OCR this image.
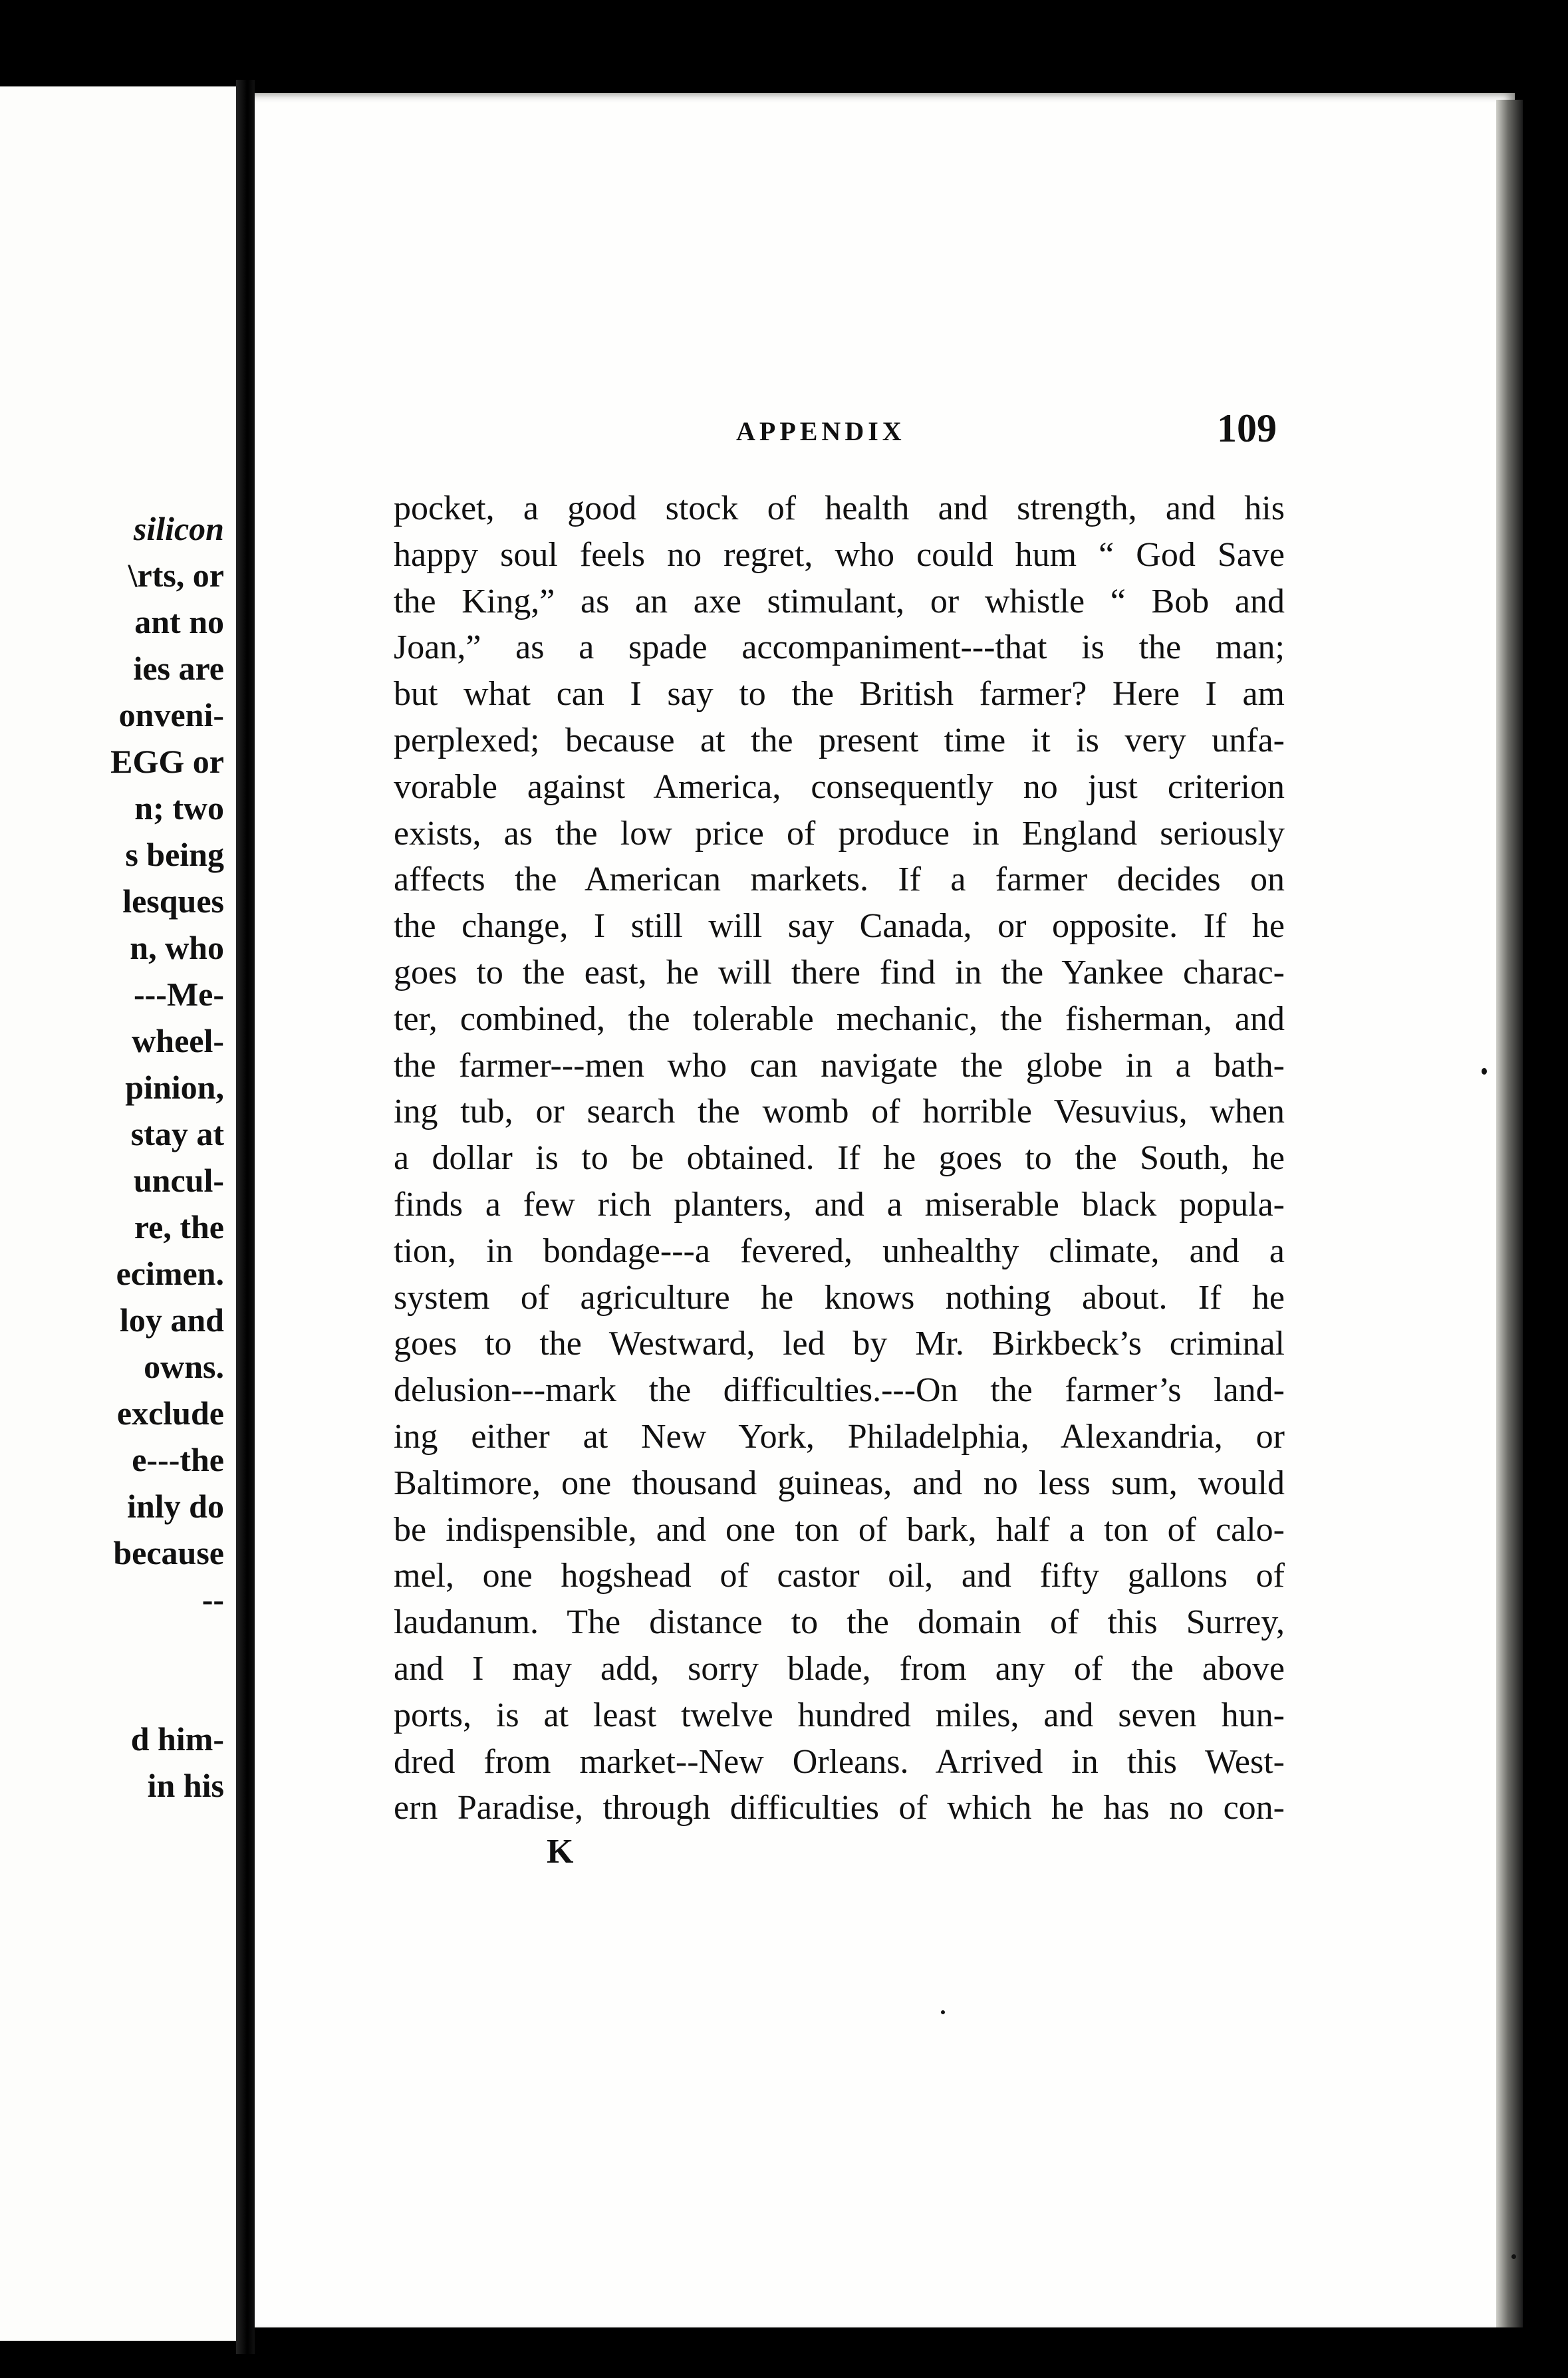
silicon
\rts, or
ant no
ies are
onveni-
EGG or
n; two
s being
lesques
n, who
---Me-
wheel-
pinion,
stay at
uncul-
re, the
ecimen.
loy and
owns.
exclude
e---the
inly do
because
--
d him-
in his
APPENDIX	109
pocket, a good stock of health and strength, and his
happy soul feels no regret, who could hum “ God Save
the King,” as an axe stimulant, or whistle “ Bob and
Joan,” as a spade accompaniment---that is the man;
but what can I say to the British farmer? Here I am
perplexed; because at the present time it is very unfa-
vorable against America, consequently no just criterion
exists, as the low price of produce in England seriously
affects the American markets. If a farmer decides on
the change, I still will say Canada, or opposite. If he
goes to the east, he will there find in the Yankee charac-
ter, combined, the tolerable mechanic, the fisherman, and
the farmer---men who can navigate the globe in a bath-
ing tub, or search the womb of horrible Vesuvius, when
a dollar is to be obtained. If he goes to the South, he
finds a few rich planters, and a miserable black popula-
tion, in bondage---a fevered, unhealthy climate, and a
system of agriculture he knows nothing about. If he
goes to the Westward, led by Mr. Birkbeck’s criminal
delusion---mark the difficulties.---On the farmer’s land-
ing either at New York, Philadelphia, Alexandria, or
Baltimore, one thousand guineas, and no less sum, would
be indispensible, and one ton of bark, half a ton of calo-
mel, one hogshead of castor oil, and fifty gallons of
laudanum. The distance to the domain of this Surrey,
and I may add, sorry blade, from any of the above
ports, is at least twelve hundred miles, and seven hun-
dred from market--New Orleans. Arrived in this West-
ern Paradise, through difficulties of which he has no con-
K
